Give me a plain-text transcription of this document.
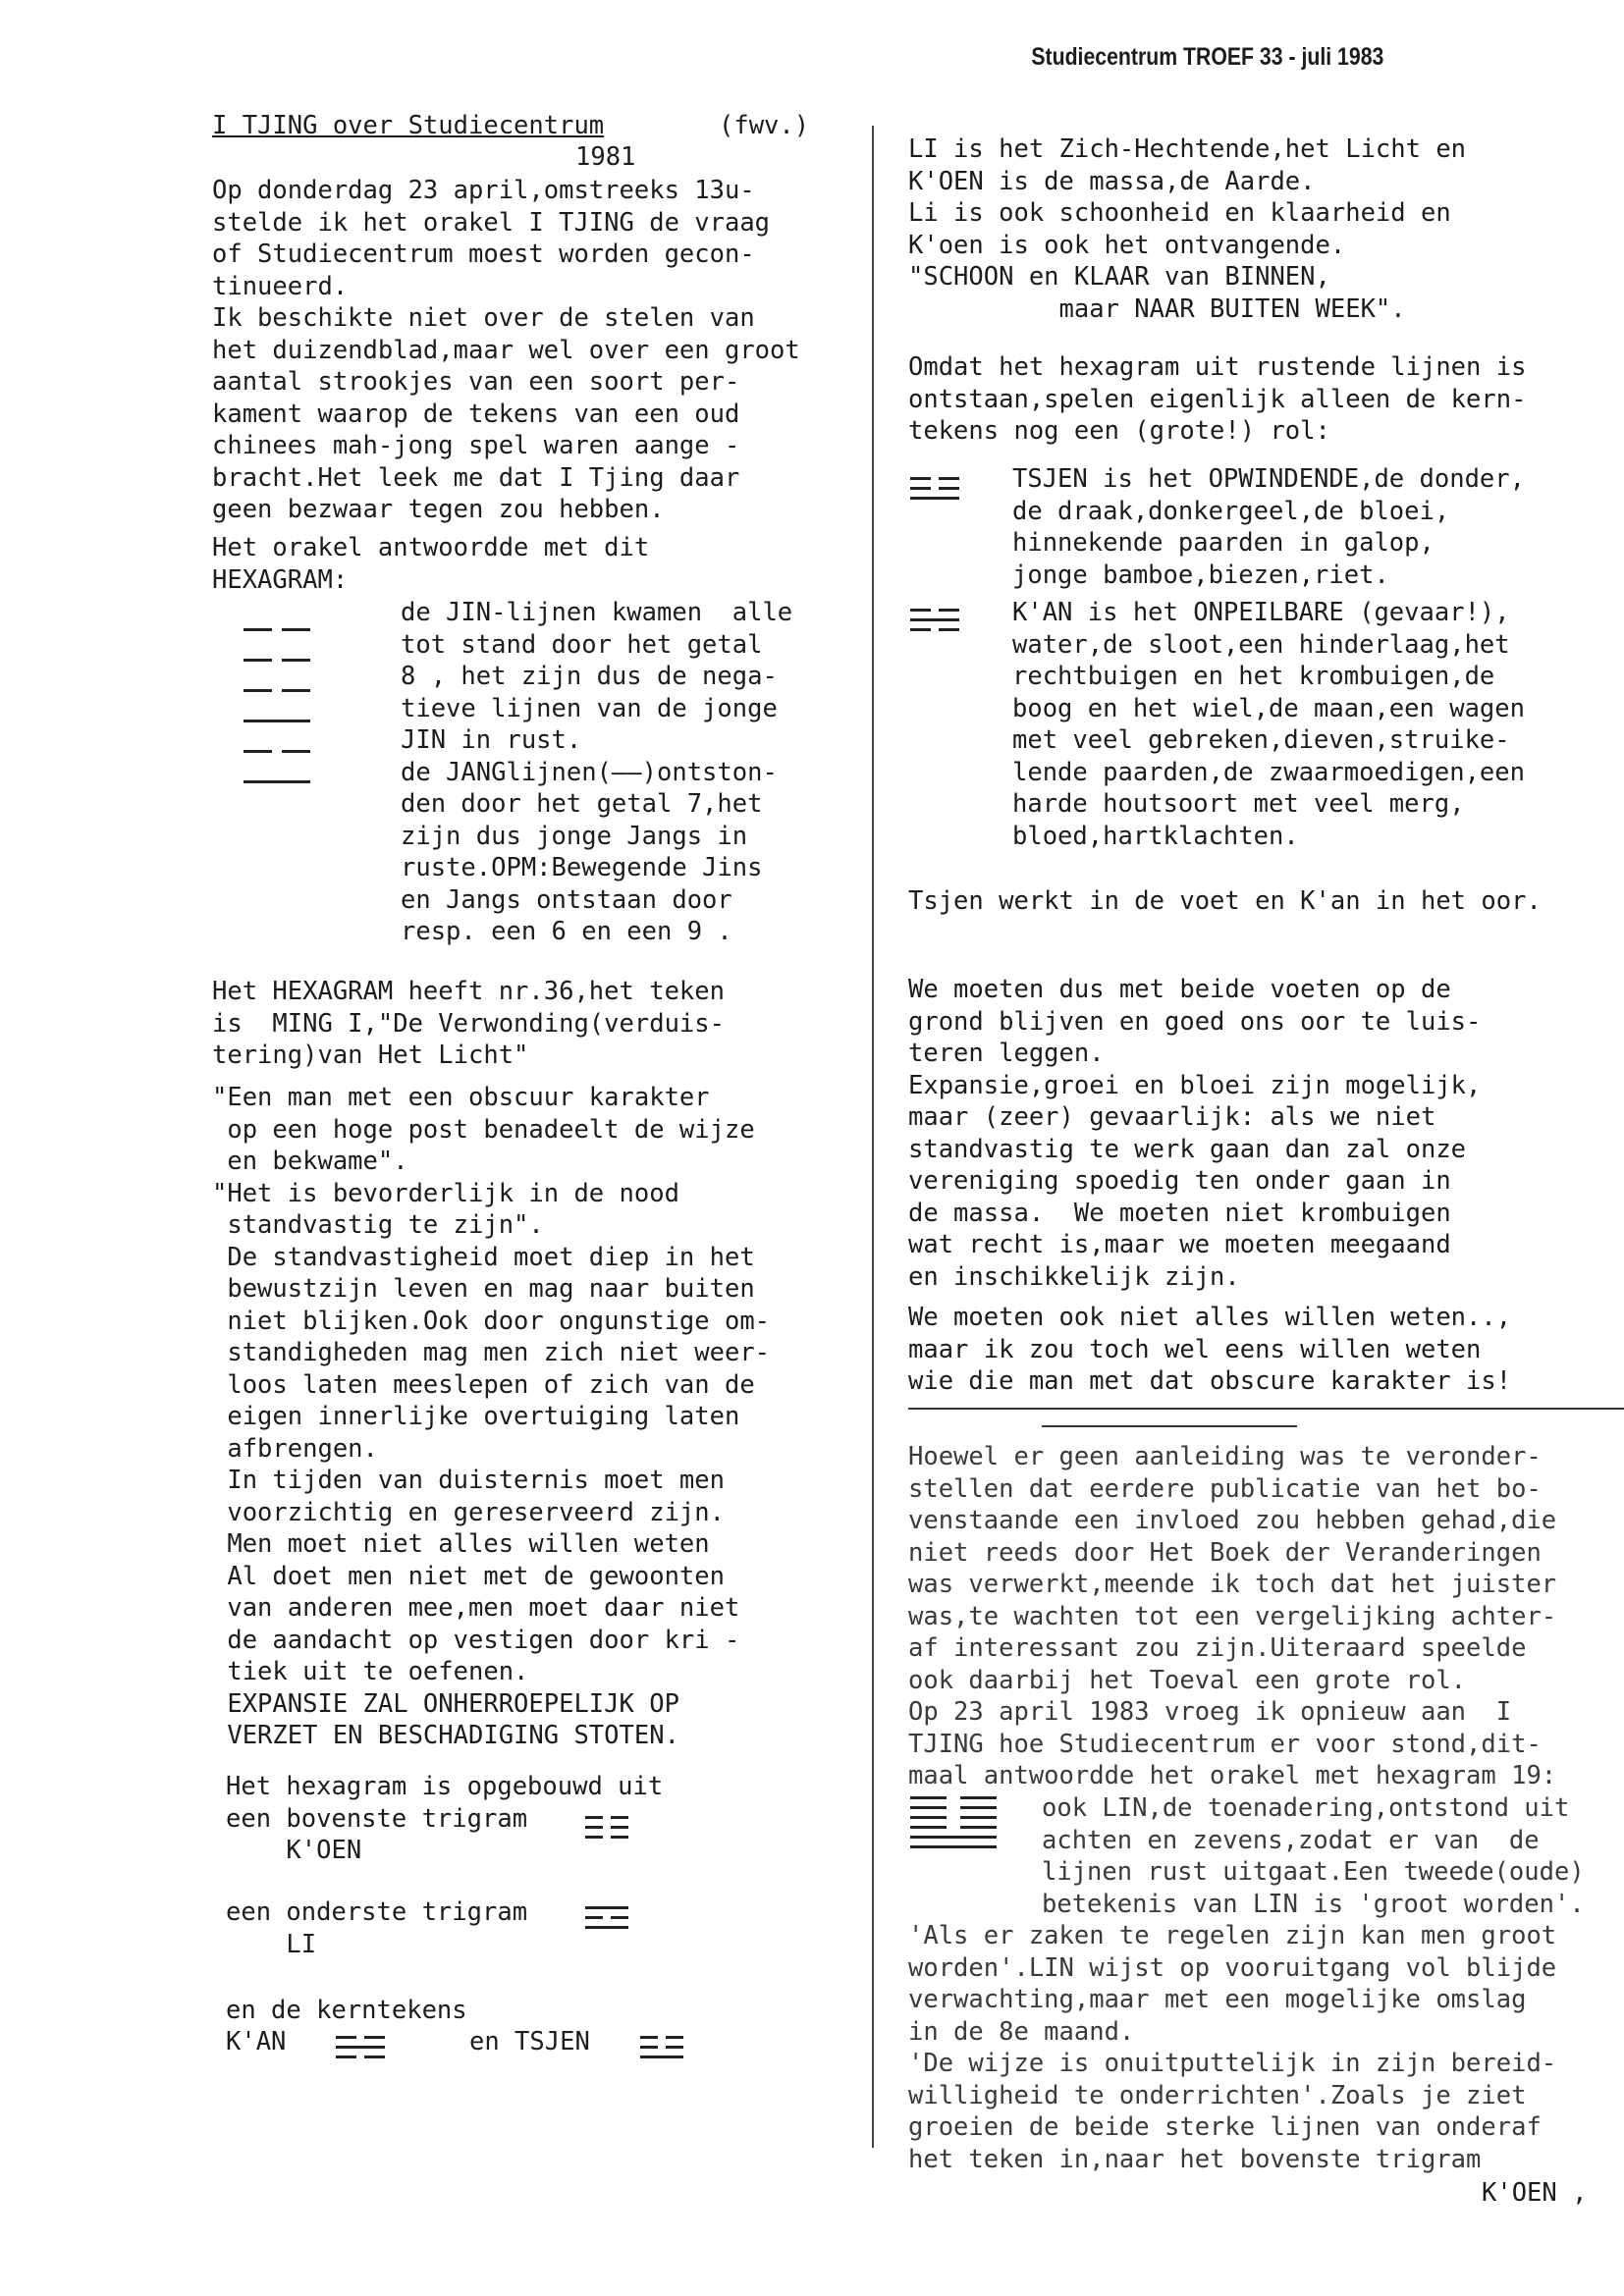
Studiecentrum TROEF 33 - juli 1983

I TJING over Studiecentrum	(fwv.)

1981

Op donderdag 23 april,omstreeks 13u-
stelde ik het orakel I TJING de vraag
of Studiecentrum moest worden gecon-
tinueerd.
Ik beschikte niet over de stelen van
het duizendblad,maar wel over een groot
aantal strookjes van een soort per-
kament waarop de tekens van een oud
chinees mah-jong spel waren aange -
bracht.Het leek me dat I Tjing daar
geen bezwaar tegen zou hebben.

Het orakel antwoordde met dit
HEXAGRAM:

de JIN-lijnen kwamen  alle
tot stand door het getal
8 , het zijn dus de nega-
tieve lijnen van de jonge
JIN in rust.
de JANGlijnen(——)ontston-
den door het getal 7,het
zijn dus jonge Jangs in
ruste.OPM:Bewegende Jins
en Jangs ontstaan door
resp. een 6 en een 9 .

Het HEXAGRAM heeft nr.36,het teken
is  MING I,"De Verwonding(verduis-
tering)van Het Licht"

"Een man met een obscuur karakter
op een hoge post benadeelt de wijze
en bekwame".
"Het is bevorderlijk in de nood
standvastig te zijn".
De standvastigheid moet diep in het
bewustzijn leven en mag naar buiten
niet blijken.Ook door ongunstige om-
standigheden mag men zich niet weer-
loos laten meeslepen of zich van de
eigen innerlijke overtuiging laten
afbrengen.
In tijden van duisternis moet men
voorzichtig en gereserveerd zijn.
Men moet niet alles willen weten
Al doet men niet met de gewoonten
van anderen mee,men moet daar niet
de aandacht op vestigen door kri -
tiek uit te oefenen.
EXPANSIE ZAL ONHERROEPELIJK OP
VERZET EN BESCHADIGING STOTEN.

Het hexagram is opgebouwd uit
een bovenste trigram
K'OEN

een onderste trigram
LI

en de kerntekens

K'AN	en TSJEN

LI is het Zich-Hechtende,het Licht en
K'OEN is de massa,de Aarde.
Li is ook schoonheid en klaarheid en
K'oen is ook het ontvangende.
"SCHOON en KLAAR van BINNEN,
maar NAAR BUITEN WEEK".

Omdat het hexagram uit rustende lijnen is
ontstaan,spelen eigenlijk alleen de kern-
tekens nog een (grote!) rol:

TSJEN is het OPWINDENDE,de donder,
de draak,donkergeel,de bloei,
hinnekende paarden in galop,
jonge bamboe,biezen,riet.

K'AN is het ONPEILBARE (gevaar!),
water,de sloot,een hinderlaag,het
rechtbuigen en het krombuigen,de
boog en het wiel,de maan,een wagen
met veel gebreken,dieven,struike-
lende paarden,de zwaarmoedigen,een
harde houtsoort met veel merg,
bloed,hartklachten.

Tsjen werkt in de voet en K'an in het oor.

We moeten dus met beide voeten op de
grond blijven en goed ons oor te luis-
teren leggen.
Expansie,groei en bloei zijn mogelijk,
maar (zeer) gevaarlijk: als we niet
standvastig te werk gaan dan zal onze
vereniging spoedig ten onder gaan in
de massa.  We moeten niet krombuigen
wat recht is,maar we moeten meegaand
en inschikkelijk zijn.

We moeten ook niet alles willen weten..,
maar ik zou toch wel eens willen weten
wie die man met dat obscure karakter is!

Hoewel er geen aanleiding was te veronder-
stellen dat eerdere publicatie van het bo-
venstaande een invloed zou hebben gehad,die
niet reeds door Het Boek der Veranderingen
was verwerkt,meende ik toch dat het juister
was,te wachten tot een vergelijking achter-
af interessant zou zijn.Uiteraard speelde
ook daarbij het Toeval een grote rol.
Op 23 april 1983 vroeg ik opnieuw aan  I
TJING hoe Studiecentrum er voor stond,dit-
maal antwoordde het orakel met hexagram 19:

ook LIN,de toenadering,ontstond uit
achten en zevens,zodat er van  de
lijnen rust uitgaat.Een tweede(oude)
betekenis van LIN is 'groot worden'.

'Als er zaken te regelen zijn kan men groot
worden'.LIN wijst op vooruitgang vol blijde
verwachting,maar met een mogelijke omslag
in de 8e maand.
'De wijze is onuitputtelijk in zijn bereid-
willigheid te onderrichten'.Zoals je ziet
groeien de beide sterke lijnen van onderaf
het teken in,naar het bovenste trigram

K'OEN ,
